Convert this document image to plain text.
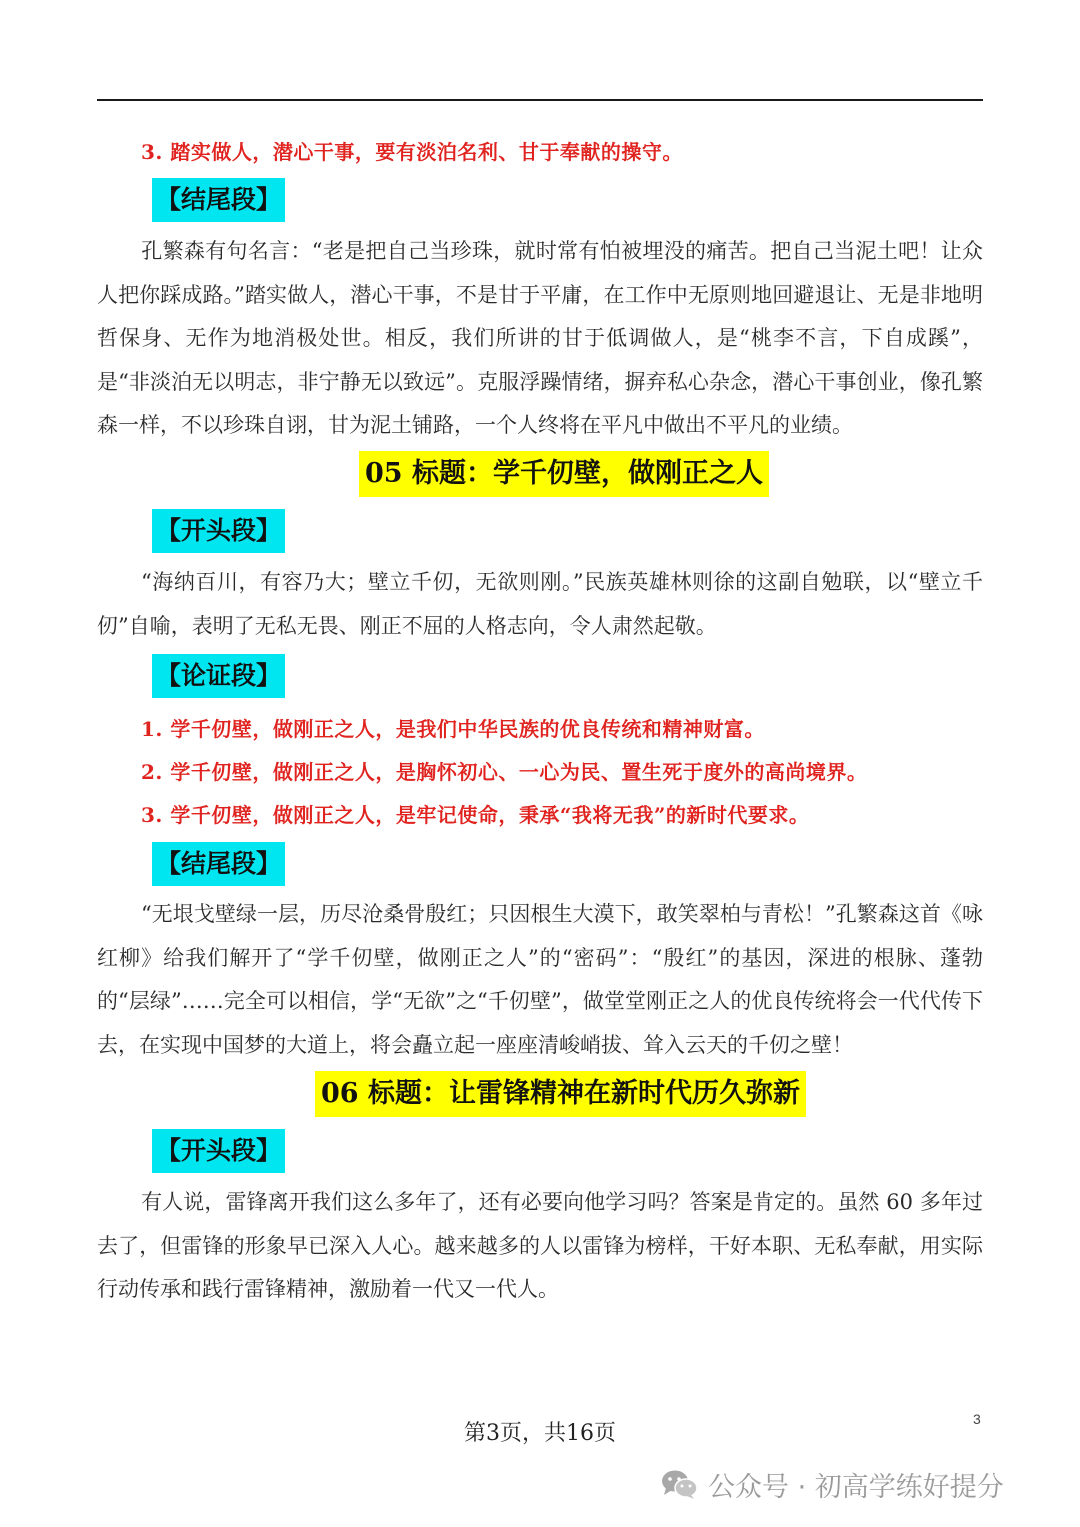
3. 踏实做人，潜心干事，要有淡泊名利、甘于奉献的操守。
【结尾段】
孔繁森有句名言：“老是把自己当珍珠，就时常有怕被埋没的痛苦。把自己当泥土吧！让众人把你踩成路。”踏实做人，潜心干事，不是甘于平庸，在工作中无原则地回避退让、无是非地明哲保身、无作为地消极处世。相反，我们所讲的甘于低调做人，是“桃李不言，下自成蹊”，是“非淡泊无以明志，非宁静无以致远”。克服浮躁情绪，摒弃私心杂念，潜心干事创业，像孔繁森一样，不以珍珠自诩，甘为泥土铺路，一个人终将在平凡中做出不平凡的业绩。
05 标题：学千仞壁，做刚正之人
【开头段】
“海纳百川，有容乃大；壁立千仞，无欲则刚。”民族英雄林则徐的这副自勉联，以“壁立千仞”自喻，表明了无私无畏、刚正不屈的人格志向，令人肃然起敬。
【论证段】
1. 学千仞壁，做刚正之人，是我们中华民族的优良传统和精神财富。
2. 学千仞壁，做刚正之人，是胸怀初心、一心为民、置生死于度外的高尚境界。
3. 学千仞壁，做刚正之人，是牢记使命，秉承“我将无我”的新时代要求。
【结尾段】
“无垠戈壁绿一层，历尽沧桑骨殷红；只因根生大漠下，敢笑翠柏与青松！”孔繁森这首《咏红柳》给我们解开了“学千仞壁，做刚正之人”的“密码”：“殷红”的基因，深进的根脉、蓬勃的“层绿”……完全可以相信，学“无欲”之“千仞壁”，做堂堂刚正之人的优良传统将会一代代传下去，在实现中国梦的大道上，将会矗立起一座座清峻峭拔、耸入云天的千仞之壁！
06 标题：让雷锋精神在新时代历久弥新
【开头段】
有人说，雷锋离开我们这么多年了，还有必要向他学习吗？答案是肯定的。虽然 60 多年过去了，但雷锋的形象早已深入人心。越来越多的人以雷锋为榜样，干好本职、无私奉献，用实际行动传承和践行雷锋精神，激励着一代又一代人。
3
第3页，共16页
公众号 · 初高学练好提分
